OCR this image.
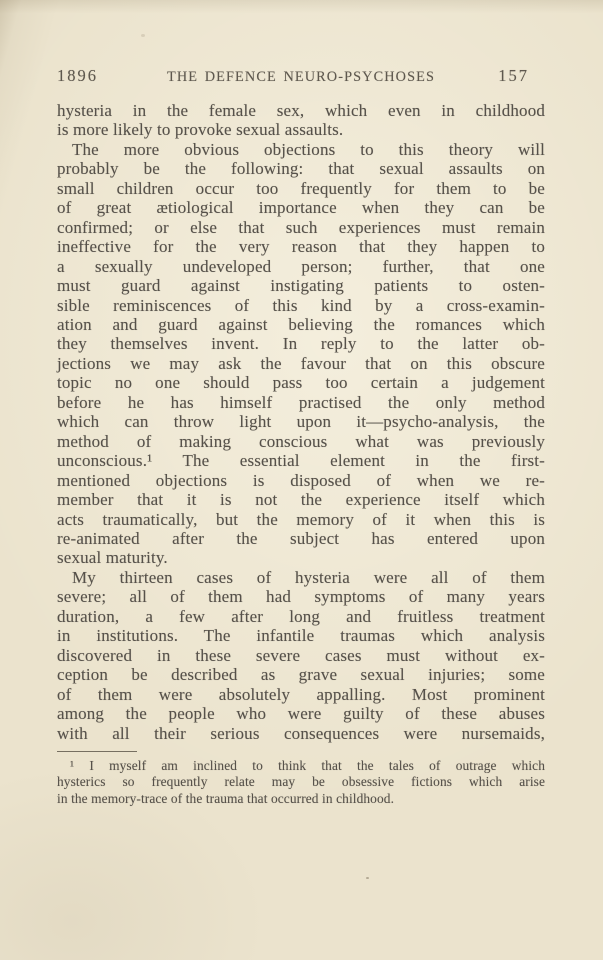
1896	THE DEFENCE NEURO-PSYCHOSES	157
hysteria in the female sex, which even in childhood
is more likely to provoke sexual assaults.
The more obvious objections to this theory will
probably be the following: that sexual assaults on
small children occur too frequently for them to be
of great ætiological importance when they can be
confirmed; or else that such experiences must remain
ineffective for the very reason that they happen to
a sexually undeveloped person; further, that one
must guard against instigating patients to osten-
sible reminiscences of this kind by a cross-examin-
ation and guard against believing the romances which
they themselves invent. In reply to the latter ob-
jections we may ask the favour that on this obscure
topic no one should pass too certain a judgement
before he has himself practised the only method
which can throw light upon it—psycho-analysis, the
method of making conscious what was previously
unconscious.¹ The essential element in the first-
mentioned objections is disposed of when we re-
member that it is not the experience itself which
acts traumatically, but the memory of it when this is
re-animated after the subject has entered upon
sexual maturity.
My thirteen cases of hysteria were all of them
severe; all of them had symptoms of many years
duration, a few after long and fruitless treatment
in institutions. The infantile traumas which analysis
discovered in these severe cases must without ex-
ception be described as grave sexual injuries; some
of them were absolutely appalling. Most prominent
among the people who were guilty of these abuses
with all their serious consequences were nursemaids,
¹ I myself am inclined to think that the tales of outrage which
hysterics so frequently relate may be obsessive fictions which arise
in the memory-trace of the trauma that occurred in childhood.
